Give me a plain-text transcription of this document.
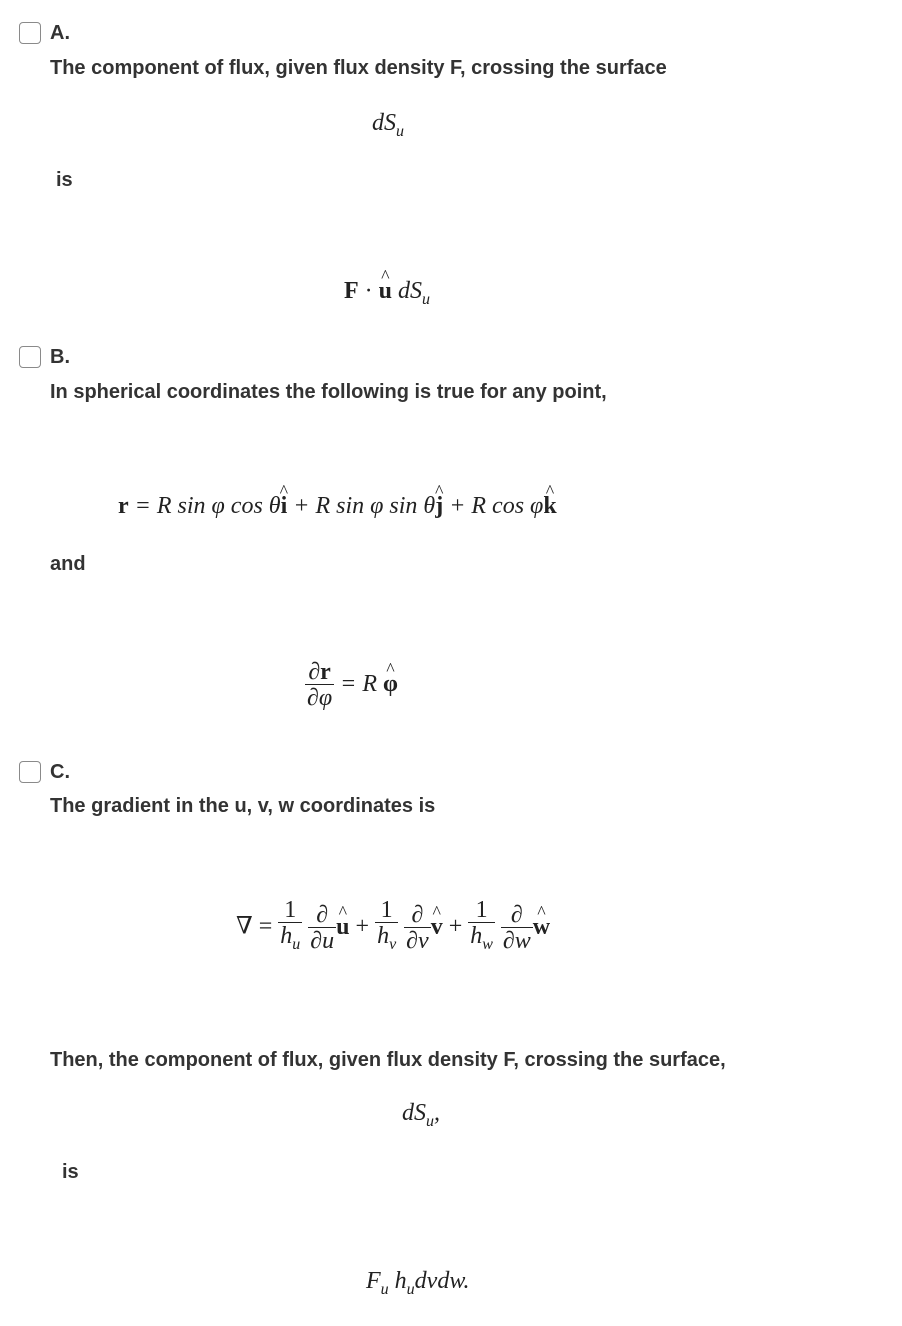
A.
The component of flux, given flux density F, crossing the surface
$dS_u$
is
F · u ^ $dS_u$
B.
In spherical coordinates the following is true for any point,
r = R sin φ cos θi ^ + R sin φ sin θj ^ + R cos φk ^
and
$\frac{\partial r}{\partial\varphi} = R$ φ ^
C.
The gradient in the u, v, w coordinates is
∇ = $\frac{1}{h_u}$
$\frac{\partial}{\partial u}$ u ^ + $\frac{1}{h_v}$
$\frac{\partial}{\partial v}$ v ^ + $\frac{1}{h_w}$
$\frac{\partial}{\partial w}$ w ^
Then, the component of flux, given flux density F, crossing the surface,
$dS_u$,
is
$F_u$ $h_udvdw$.
